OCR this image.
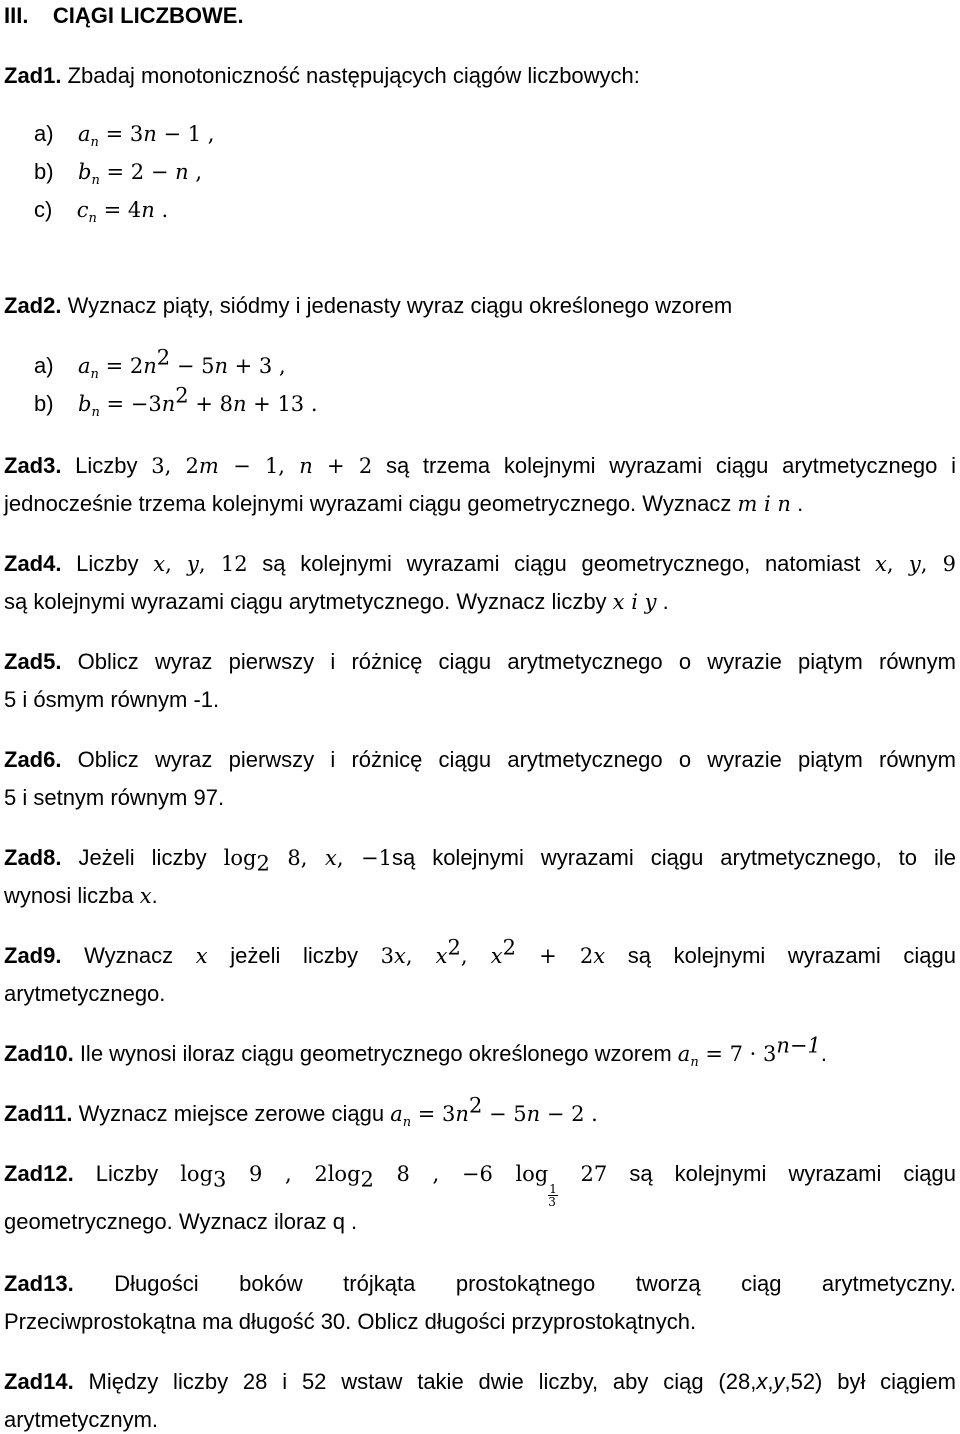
III. CIĄGI LICZBOWE.
Zad1. Zbadaj monotoniczność następujących ciągów liczbowych:
a) $a_n = 3n - 1$ ,
b) $b_n = 2 - n$ ,
c) $c_n = 4n$ .
Zad2. Wyznacz piąty, siódmy i jedenasty wyraz ciągu określonego wzorem
a) $a_n = 2n^2 - 5n + 3$ ,
b) $b_n = -3n^2 + 8n + 13$ .
Zad3. Liczby 3, 2m − 1, n + 2 są trzema kolejnymi wyrazami ciągu arytmetycznego i
jednocześnie trzema kolejnymi wyrazami ciągu geometrycznego. Wyznacz m i n .
Zad4. Liczby x, y, 12 są kolejnymi wyrazami ciągu geometrycznego, natomiast x, y, 9
są kolejnymi wyrazami ciągu arytmetycznego. Wyznacz liczby x i y .
Zad5. Oblicz wyraz pierwszy i różnicę ciągu arytmetycznego o wyrazie piątym równym
5 i ósmym równym -1.
Zad6. Oblicz wyraz pierwszy i różnicę ciągu arytmetycznego o wyrazie piątym równym
5 i setnym równym 97.
Zad8. Jeżeli liczby $\log_2 8$, x, −1są kolejnymi wyrazami ciągu arytmetycznego, to ile
wynosi liczba x.
Zad9. Wyznacz x jeżeli liczby 3x, $x^2$, $x^2 + 2x$ są kolejnymi wyrazami ciągu
arytmetycznego.
Zad10. Ile wynosi iloraz ciągu geometrycznego określonego wzorem $a_n = 7 \cdot 3^{n-1}$.
Zad11. Wyznacz miejsce zerowe ciągu $a_n = 3n^2 - 5n - 2$ .
Zad12. Liczby $\log_3 9$ , $2\log_2$ 8 , −6 log
$\frac{1}{3}$
27 są kolejnymi wyrazami ciągu
geometrycznego. Wyznacz iloraz q .
Zad13. Długości boków trójkąta prostokątnego tworzą ciąg arytmetyczny.
Przeciwprostokątna ma długość 30. Oblicz długości przyprostokątnych.
Zad14. Między liczby 28 i 52 wstaw takie dwie liczby, aby ciąg (28,x,y,52) był ciągiem
arytmetycznym.
